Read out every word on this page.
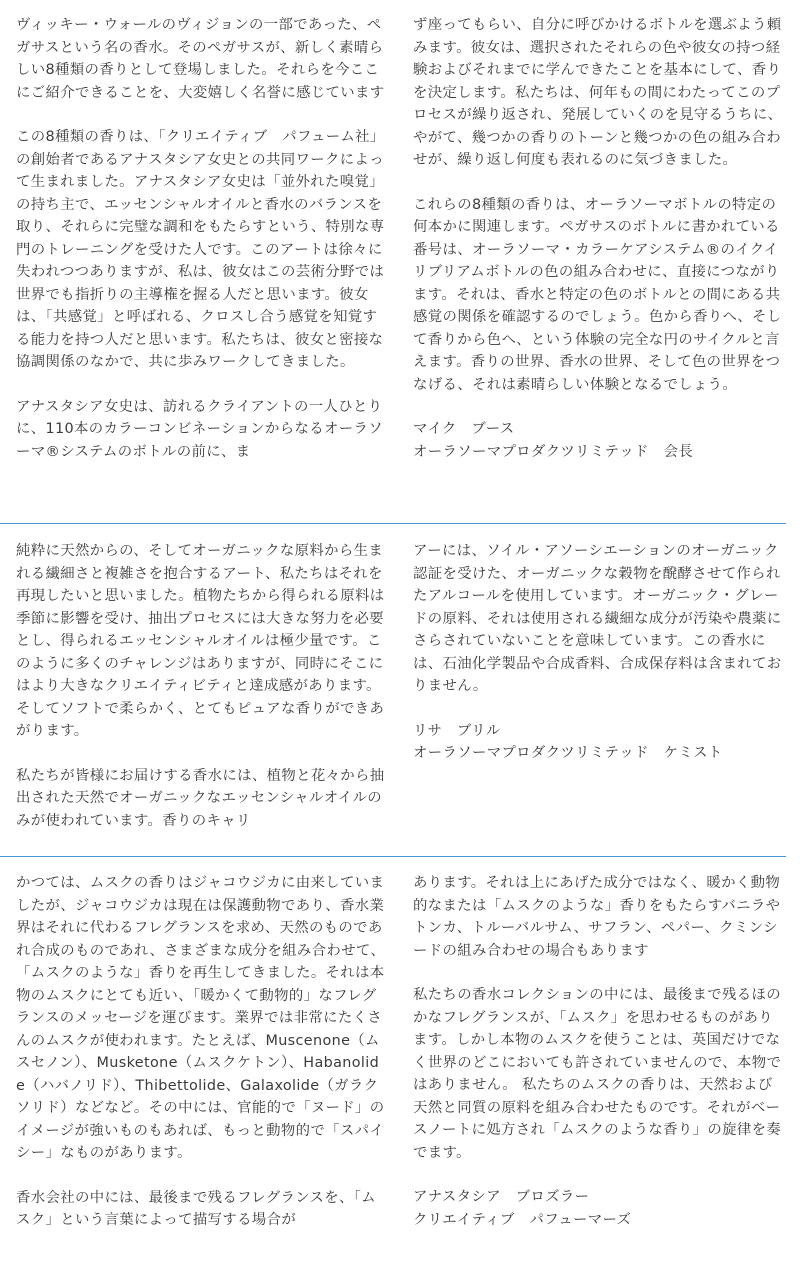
ヴィッキー・ウォールのヴィジョンの一部であった、ペガサスという名の香水。そのペガサスが、新しく素晴らしい8種類の香りとして登場しました。それらを今ここにご紹介できることを、大変嬉しく名誉に感じています

この8種類の香りは、「クリエイティブ　パフューム社」の創始者であるアナスタシア女史との共同ワークによって生まれました。アナスタシア女史は「並外れた嗅覚」の持ち主で、エッセンシャルオイルと香水のバランスを取り、それらに完璧な調和をもたらすという、特別な専門のトレーニングを受けた人です。このアートは徐々に失われつつありますが、私は、彼女はこの芸術分野では世界でも指折りの主導権を握る人だと思います。彼女は、「共感覚」と呼ばれる、クロスし合う感覚を知覚する能力を持つ人だと思います。私たちは、彼女と密接な協調関係のなかで、共に歩みワークしてきました。

アナスタシア女史は、訪れるクライアントの一人ひとりに、110本のカラーコンビネーションからなるオーラソーマ®システムのボトルの前に、ま

ず座ってもらい、自分に呼びかけるボトルを選ぶよう頼みます。彼女は、選択されたそれらの色や彼女の持つ経験およびそれまでに学んできたことを基本にして、香りを決定します。私たちは、何年もの間にわたってこのプロセスが繰り返され、発展していくのを見守るうちに、やがて、幾つかの香りのトーンと幾つかの色の組み合わせが、繰り返し何度も表れるのに気づきました。

これらの8種類の香りは、オーラソーマボトルの特定の何本かに関連します。ペガサスのボトルに書かれている番号は、オーラソーマ・カラーケアシステム®のイクイリブリアムボトルの色の組み合わせに、直接につながります。それは、香水と特定の色のボトルとの間にある共感覚の関係を確認するのでしょう。色から香りへ、そして香りから色へ、という体験の完全な円のサイクルと言えます。香りの世界、香水の世界、そして色の世界をつなげる、それは素晴らしい体験となるでしょう。

マイク　ブース

オーラソーマプロダクツリミテッド　会長

純粋に天然からの、そしてオーガニックな原料から生まれる繊細さと複雑さを抱合するアート、私たちはそれを再現したいと思いました。植物たちから得られる原料は季節に影響を受け、抽出プロセスには大きな努力を必要とし、得られるエッセンシャルオイルは極少量です。このように多くのチャレンジはありますが、同時にそこにはより大きなクリエイティビティと達成感があります。そしてソフトで柔らかく、とてもピュアな香りができあがります。

私たちが皆様にお届けする香水には、植物と花々から抽出された天然でオーガニックなエッセンシャルオイルのみが使われています。香りのキャリ

アーには、ソイル・アソーシエーションのオーガニック認証を受けた、オーガニックな穀物を醗酵させて作られたアルコールを使用しています。オーガニック・グレードの原料、それは使用される繊細な成分が汚染や農薬にさらされていないことを意味しています。この香水には、石油化学製品や合成香料、合成保存料は含まれておりません。

リサ　ブリル

オーラソーマプロダクツリミテッド　ケミスト

かつては、ムスクの香りはジャコウジカに由来していましたが、ジャコウジカは現在は保護動物であり、香水業界はそれに代わるフレグランスを求め、天然のものであれ合成のものであれ、さまざまな成分を組み合わせて、「ムスクのような」香りを再生してきました。それは本物のムスクにとても近い、「暖かくて動物的」なフレグランスのメッセージを運びます。業界では非常にたくさんのムスクが使われます。たとえば、Muscenone（ムスセノン）、Musketone（ムスクケトン）、Habanolide（ハバノリド）、Thibettolide、Galaxolide（ガラクソリド）などなど。その中には、官能的で「ヌード」のイメージが強いものもあれば、もっと動物的で「スパイシー」なものがあります。

香水会社の中には、最後まで残るフレグランスを、「ムスク」という言葉によって描写する場合が

あります。それは上にあげた成分ではなく、暖かく動物的なまたは「ムスクのような」香りをもたらすバニラやトンカ、トルーバルサム、サフラン、ペパー、クミンシードの組み合わせの場合もあります

私たちの香水コレクションの中には、最後まで残るほのかなフレグランスが、「ムスク」を思わせるものがあります。しかし本物のムスクを使うことは、英国だけでなく世界のどこにおいても許されていませんので、本物ではありません。 私たちのムスクの香りは、天然および天然と同質の原料を組み合わせたものです。それがベースノートに処方され「ムスクのような香り」の旋律を奏でます。

アナスタシア　ブロズラー

クリエイティブ　パフューマーズ
